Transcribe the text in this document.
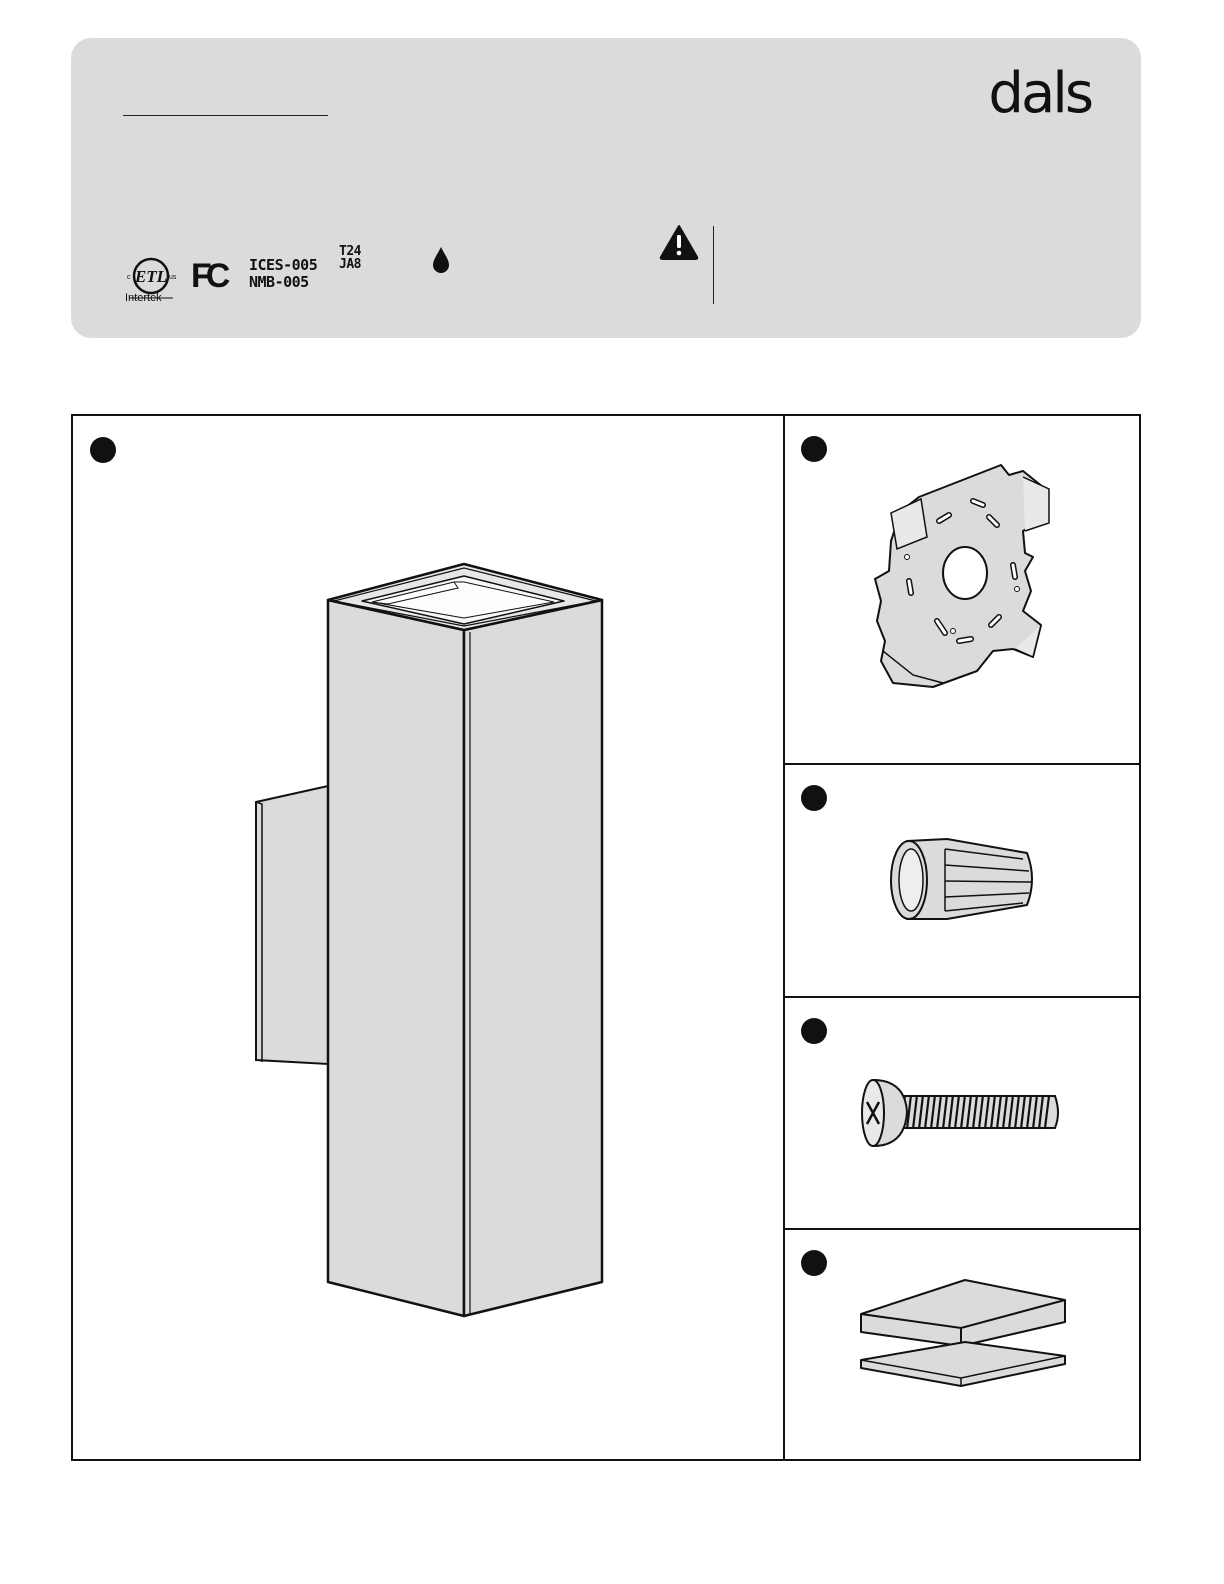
dals
ETL
c	us
Intertek
FC	ICES-005
NMB-005
T24
JA8
